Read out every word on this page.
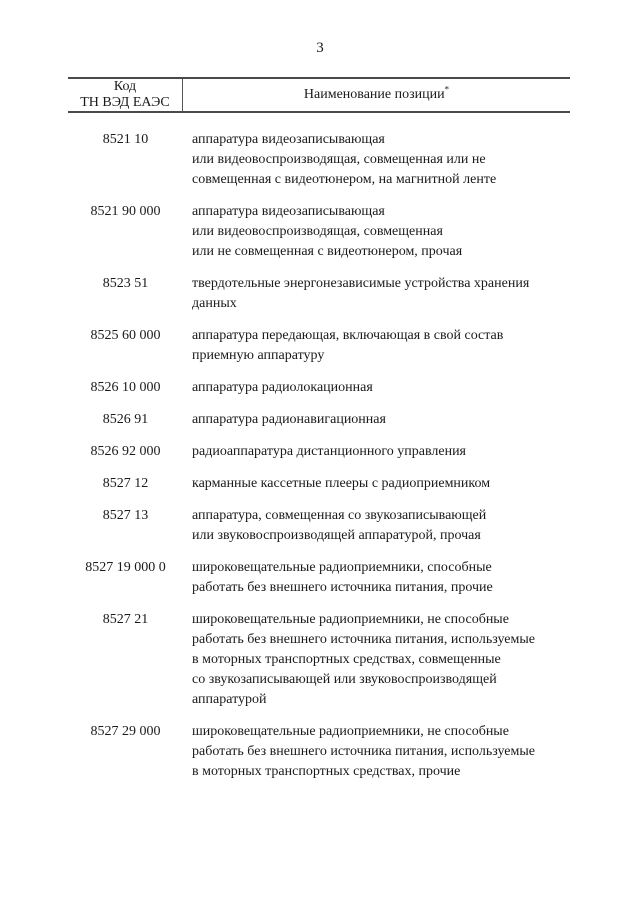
3
Код
ТН ВЭД ЕАЭС
Наименование позиции*
8521 10	аппаратура видеозаписывающая
или видеовоспроизводящая, совмещенная или не
совмещенная с видеотюнером, на магнитной ленте
8521 90 000	аппаратура видеозаписывающая
или видеовоспроизводящая, совмещенная
или не совмещенная с видеотюнером, прочая
8523 51	твердотельные энергонезависимые устройства хранения
данных
8525 60 000	аппаратура передающая, включающая в свой состав
приемную аппаратуру
8526 10 000	аппаратура радиолокационная
8526 91	аппаратура радионавигационная
8526 92 000	радиоаппаратура дистанционного управления
8527 12	карманные кассетные плееры с радиоприемником
8527 13	аппаратура, совмещенная со звукозаписывающей
или звуковоспроизводящей аппаратурой, прочая
8527 19 000 0	широковещательные радиоприемники, способные
работать без внешнего источника питания, прочие
8527 21	широковещательные радиоприемники, не способные
работать без внешнего источника питания, используемые
в моторных транспортных средствах, совмещенные
со звукозаписывающей или звуковоспроизводящей
аппаратурой
8527 29 000	широковещательные радиоприемники, не способные
работать без внешнего источника питания, используемые
в моторных транспортных средствах, прочие
